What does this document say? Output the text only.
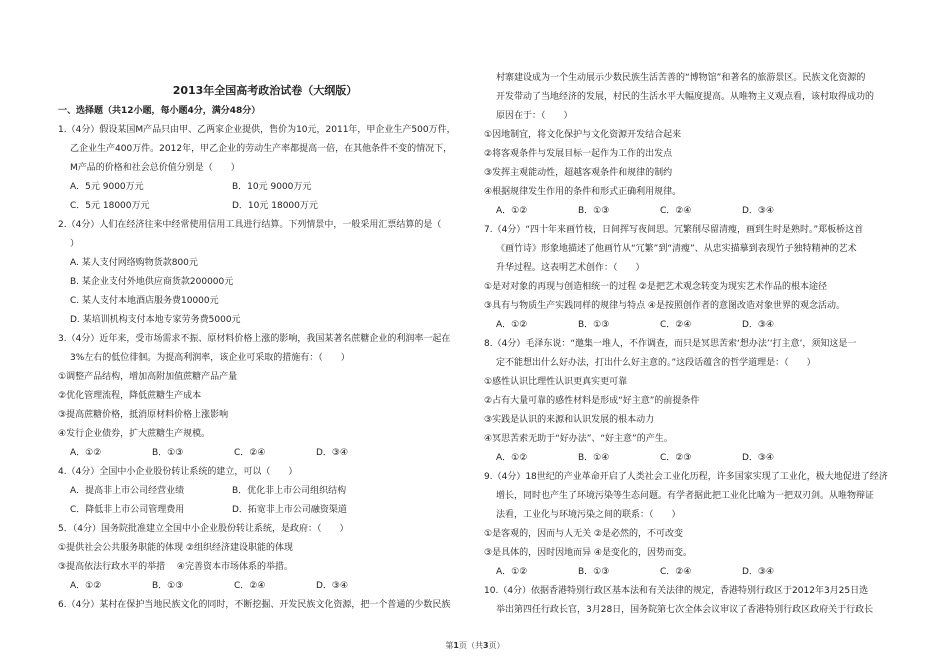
2013年全国高考政治试卷（大纲版）
一、选择题（共12小题，每小题4分，满分48分）
1.（4分）假设某国M产品只由甲、乙两家企业提供，售价为10元，2011年，甲企业生产500万件，
乙企业生产400万件。2012年，甲乙企业的劳动生产率都提高一倍，在其他条件不变的情况下，
M产品的价格和社会总价值分别是（　　）
A．5元 9000万元	B．10元 9000万元
C．5元 18000万元	D．10元 18000万元
2.（4分）人们在经济往来中经常使用信用工具进行结算。下列情景中，一般采用汇票结算的是（
）
A. 某人支付网络购物货款800元
B. 某企业支付外地供应商货款200000元
C. 某人支付本地酒店服务费10000元
D. 某培训机构支付本地专家劳务费5000元
3.（4分）近年来，受市场需求不振、原材料价格上涨的影响，我国某著名蔗糖企业的利润率一起在
3%左右的低位徘徊。为提高利润率，该企业可采取的措施有：（　　）
①调整产品结构，增加高附加值蔗糖产品产量
②优化管理流程，降低蔗糖生产成本
③提高蔗糖价格，抵消原材料价格上涨影响
④发行企业债券，扩大蔗糖生产规模。
A．①②	B．①③	C．②④	D．③④
4.（4分）全国中小企业股份转让系统的建立，可以（　　）
A．提高非上市公司经营业绩	B．优化非上市公司组织结构
C．降低非上市公司管理费用	D．拓宽非上市公司融资渠道
5．（4分）国务院批准建立全国中小企业股份转让系统，是政府：（　　）
①提供社会公共服务职能的体现 ②组织经济建设职能的体现
③提高依法行政水平的举措　 ④完善资本市场体系的举措。
A．①②	B．①③	C．②④	D．③④
6.（4分）某村在保护当地民族文化的同时，不断挖掘、开发民族文化资源，把一个普通的少数民族
村寨建设成为一个生动展示少数民族生活苦善的“博物馆”和著名的旅游景区。民族文化资源的
开发带动了当地经济的发展，村民的生活水平大幅度提高。从唯物主义观点看，该村取得成功的
原因在于：（　　）
①因地制宜，将文化保护与文化资源开发结合起来
②将客观条件与发展目标一起作为工作的出发点
③发挥主观能动性，超越客观条件和规律的制约
④根据规律发生作用的条件和形式正确利用规律。
A．①②	B．①③	C．②④	D．③④
7.（4分）“四十年来画竹枝，日间挥写夜间思。冗繁削尽留清瘦，画到生时是熟时。”郑板桥这首
《画竹诗》形象地描述了他画竹从“冗繁”到“清瘦”、从忠实描摹到表现竹子独特精神的艺术
升华过程。这表明艺术创作：（　　）
①是对对象的再现与创造相统一的过程 ②是把艺术观念转变为现实艺术作品的根本途径
③具有与物质生产实践同样的规律与特点 ④是按照创作者的意图改造对象世界的观念活动。
A．①②	B．①③	C．②④	D．③④
8.（4分）毛泽东说：“邀集一堆人，不作调查，而只是冥思苦索‘想办法’‘打主意’，须知这是一
定不能想出什么好办法，打出什么好主意的。”这段话蕴含的哲学道理是：（　　）
①感性认识比理性认识更真实更可靠
②占有大量可靠的感性材料是形成“好主意”的前提条件
③实践是认识的来源和认识发展的根本动力
④冥思苦索无助于“好办法”、“好主意”的产生。
A．①②	B．①④	C．②③	D．③④
9.（4分）18世纪的产业革命开启了人类社会工业化历程，许多国家实现了工业化，极大地促进了经济
增长，同时也产生了环境污染等生态问题。有学者据此把工业化比喻为一把双刃剑。从唯物辩证
法看，工业化与环境污染之间的联系：（　　）
①是客观的，因而与人无关 ②是必然的，不可改变
③是具体的，因时因地而异 ④是变化的，因势而变。
A．①②	B．①③	C．②④	D．③④
10.（4分）依据香港特别行政区基本法和有关法律的规定，香港特别行政区于2012年3月25日选
举出第四任行政长官，3月28日，国务院第七次全体会议审议了香港特别行政区政府关于行政长
第1页（共3页）
